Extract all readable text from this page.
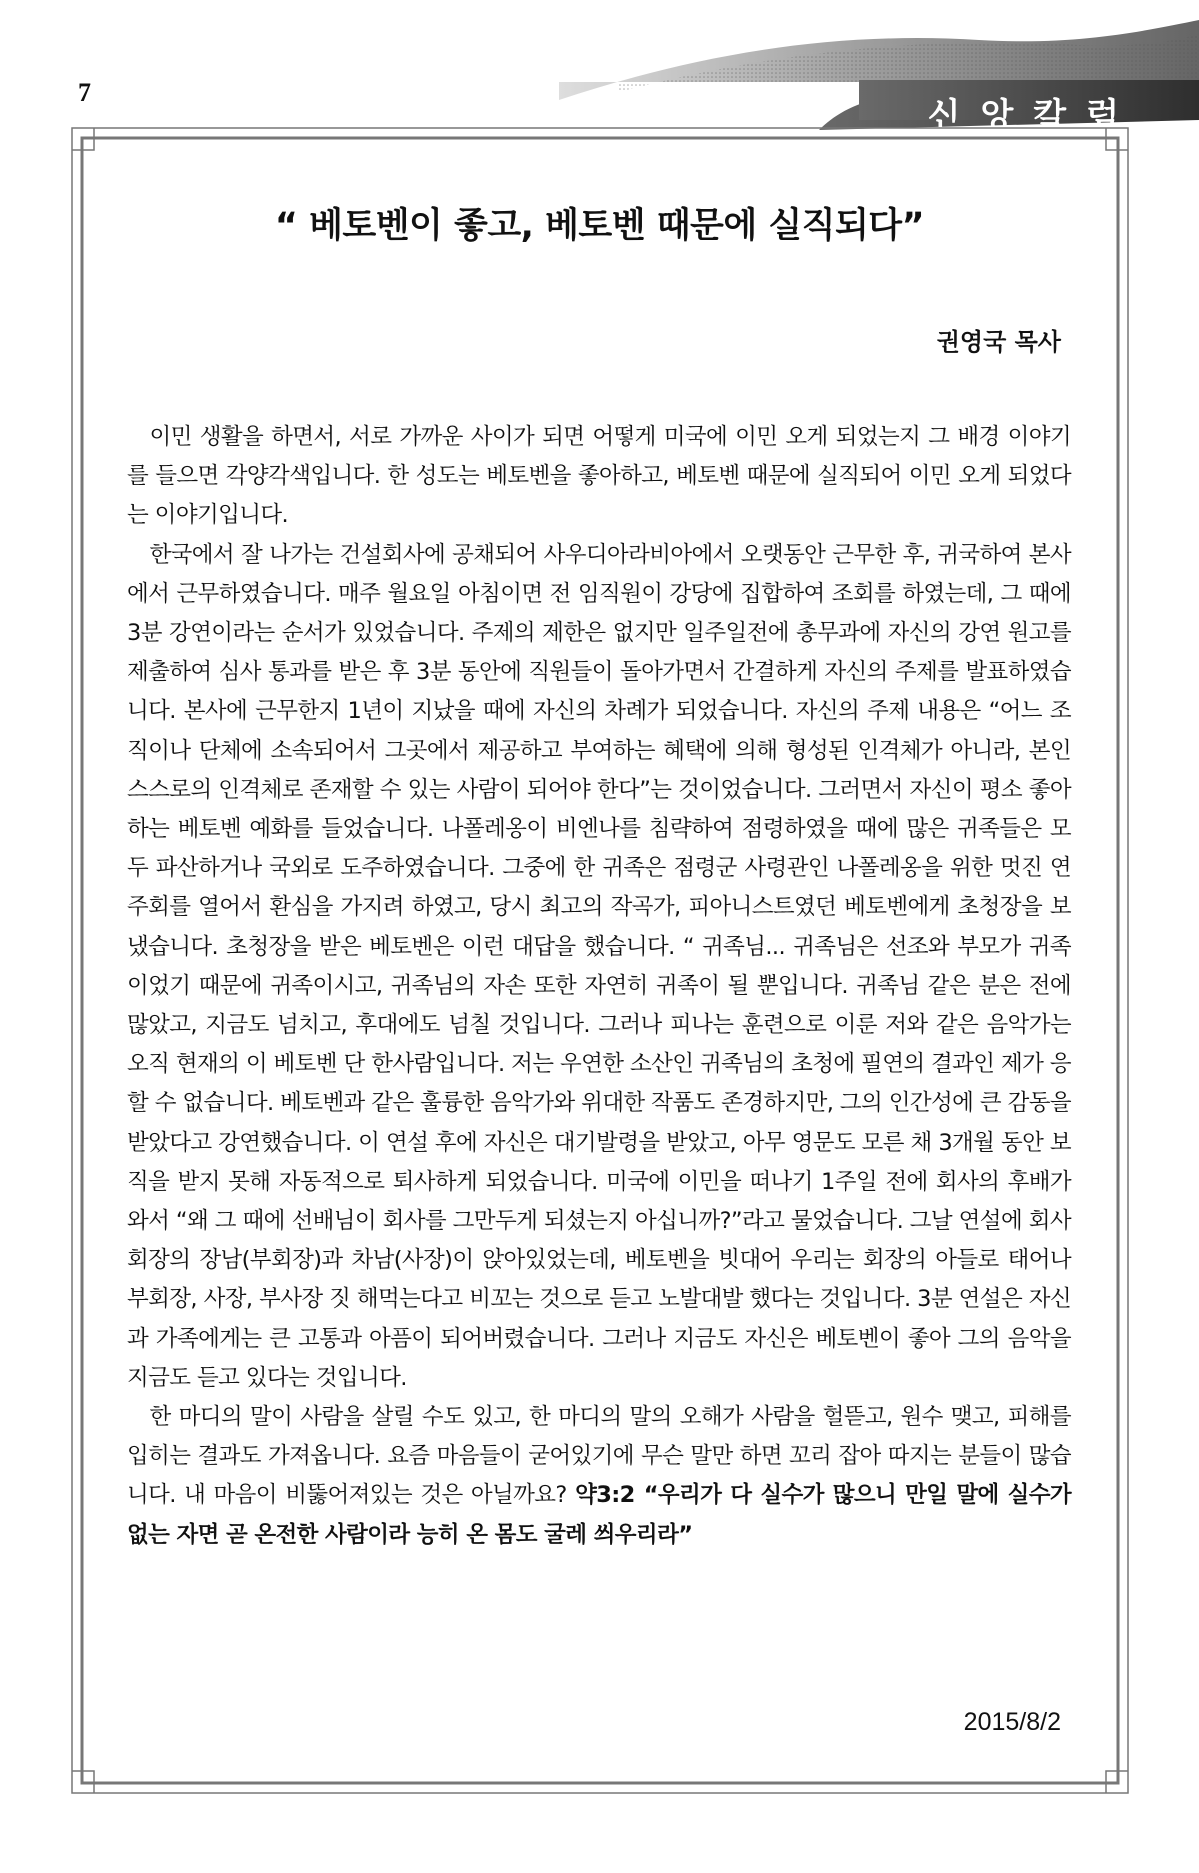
7
신앙칼럼
“ 베토벤이 좋고, 베토벤 때문에 실직되다”
권영국 목사

이민 생활을 하면서, 서로 가까운 사이가 되면 어떻게 미국에 이민 오게 되었는지 그 배경 이야기를 들으면 각양각색입니다. 한 성도는 베토벤을 좋아하고, 베토벤 때문에 실직되어 이민 오게 되었다는 이야기입니다.

한국에서 잘 나가는 건설회사에 공채되어 사우디아라비아에서 오랫동안 근무한 후, 귀국하여 본사에서 근무하였습니다. 매주 월요일 아침이면 전 임직원이 강당에 집합하여 조회를 하였는데, 그 때에 3분 강연이라는 순서가 있었습니다. 주제의 제한은 없지만 일주일전에 총무과에 자신의 강연 원고를 제출하여 심사 통과를 받은 후 3분 동안에 직원들이 돌아가면서 간결하게 자신의 주제를 발표하였습니다. 본사에 근무한지 1년이 지났을 때에 자신의 차례가 되었습니다. 자신의 주제 내용은 “어느 조직이나 단체에 소속되어서 그곳에서 제공하고 부여하는 혜택에 의해 형성된 인격체가 아니라, 본인 스스로의 인격체로 존재할 수 있는 사람이 되어야 한다”는 것이었습니다. 그러면서 자신이 평소 좋아하는 베토벤 예화를 들었습니다. 나폴레옹이 비엔나를 침략하여 점령하였을 때에 많은 귀족들은 모두 파산하거나 국외로 도주하였습니다. 그중에 한 귀족은 점령군 사령관인 나폴레옹을 위한 멋진 연주회를 열어서 환심을 가지려 하였고, 당시 최고의 작곡가, 피아니스트였던 베토벤에게 초청장을 보냈습니다. 초청장을 받은 베토벤은 이런 대답을 했습니다. “ 귀족님... 귀족님은 선조와 부모가 귀족이었기 때문에 귀족이시고, 귀족님의 자손 또한 자연히 귀족이 될 뿐입니다. 귀족님 같은 분은 전에 많았고, 지금도 넘치고, 후대에도 넘칠 것입니다. 그러나 피나는 훈련으로 이룬 저와 같은 음악가는 오직 현재의 이 베토벤 단 한사람입니다. 저는 우연한 소산인 귀족님의 초청에 필연의 결과인 제가 응할 수 없습니다. 베토벤과 같은 훌륭한 음악가와 위대한 작품도 존경하지만, 그의 인간성에 큰 감동을 받았다고 강연했습니다. 이 연설 후에 자신은 대기발령을 받았고, 아무 영문도 모른 채 3개월 동안 보직을 받지 못해 자동적으로 퇴사하게 되었습니다. 미국에 이민을 떠나기 1주일 전에 회사의 후배가 와서 “왜 그 때에 선배님이 회사를 그만두게 되셨는지 아십니까?”라고 물었습니다. 그날 연설에 회사 회장의 장남(부회장)과 차남(사장)이 앉아있었는데, 베토벤을 빗대어 우리는 회장의 아들로 태어나 부회장, 사장, 부사장 짓 해먹는다고 비꼬는 것으로 듣고 노발대발 했다는 것입니다. 3분 연설은 자신과 가족에게는 큰 고통과 아픔이 되어버렸습니다. 그러나 지금도 자신은 베토벤이 좋아 그의 음악을 지금도 듣고 있다는 것입니다.

한 마디의 말이 사람을 살릴 수도 있고, 한 마디의 말의 오해가 사람을 헐뜯고, 원수 맺고, 피해를 입히는 결과도 가져옵니다. 요즘 마음들이 굳어있기에 무슨 말만 하면 꼬리 잡아 따지는 분들이 많습니다. 내 마음이 비뚫어져있는 것은 아닐까요? 약3:2 “우리가 다 실수가 많으니 만일 말에 실수가 없는 자면 곧 온전한 사람이라 능히 온 몸도 굴레 씌우리라”

2015/8/2
